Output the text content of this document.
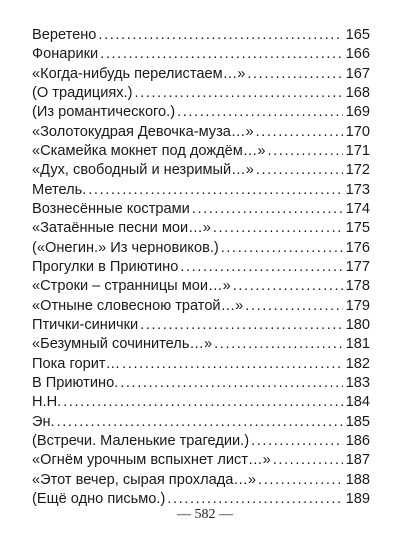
Веретено .....	165
Фонарики .....	166
«Когда-нибудь перелистаем…» .....	167
(О традициях.) .....	168
(Из романтического.) .....	169
«Золотокудрая Девочка-муза…» .....	170
«Скамейка мокнет под дождём…» .....	171
«Дух, свободный и незримый…» .....	172
Метель. .....	173
Вознесённые кострами .....	174
«Затаённые песни мои…» .....	175
(«Онегин.» Из черновиков.) .....	176
Прогулки в Приютино .....	177
«Строки – странницы мои…» .....	178
«Отныне словесною тратой…» .....	179
Птички-синички .....	180
«Безумный сочинитель…» .....	181
Пока горит… .....	182
В Приютино. .....	183
Н.Н. .....	184
Эн. .....	185
(Встречи. Маленькие трагедии.) .....	186
«Огнём урочным вспыхнет лист…» .....	187
«Этот вечер, сырая прохлада…» .....	188
(Ещё одно письмо.) .....	189
— 582 —
